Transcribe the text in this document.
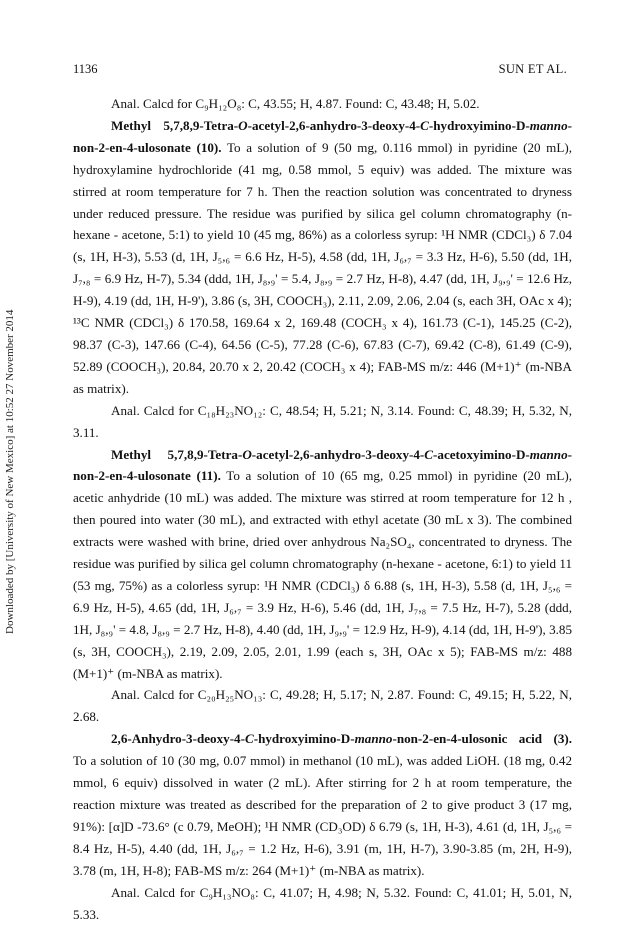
1136	SUN ET AL.
Downloaded by [University of New Mexico] at 10:52 27 November 2014

Anal. Calcd for C₉H₁₂O₈: C, 43.55; H, 4.87. Found: C, 43.48; H, 5.02.

Methyl 5,7,8,9-Tetra-O-acetyl-2,6-anhydro-3-deoxy-4-C-hydroxyimino-D-manno-non-2-en-4-ulosonate (10). To a solution of 9 (50 mg, 0.116 mmol) in pyridine (20 mL), hydroxylamine hydrochloride (41 mg, 0.58 mmol, 5 equiv) was added. The mixture was stirred at room temperature for 7 h. Then the reaction solution was concentrated to dryness under reduced pressure. The residue was purified by silica gel column chromatography (n-hexane - acetone, 5:1) to yield 10 (45 mg, 86%) as a colorless syrup: ¹H NMR (CDCl₃) δ 7.04 (s, 1H, H-3), 5.53 (d, 1H, J₅,₆ = 6.6 Hz, H-5), 4.58 (dd, 1H, J₆,₇ = 3.3 Hz, H-6), 5.50 (dd, 1H, J₇,₈ = 6.9 Hz, H-7), 5.34 (ddd, 1H, J₈,₉' = 5.4, J₈,₉ = 2.7 Hz, H-8), 4.47 (dd, 1H, J₉,₉' = 12.6 Hz, H-9), 4.19 (dd, 1H, H-9'), 3.86 (s, 3H, COOCH₃), 2.11, 2.09, 2.06, 2.04 (s, each 3H, OAc x 4); ¹³C NMR (CDCl₃) δ 170.58, 169.64 x 2, 169.48 (COCH₃ x 4), 161.73 (C-1), 145.25 (C-2), 98.37 (C-3), 147.66 (C-4), 64.56 (C-5), 77.28 (C-6), 67.83 (C-7), 69.42 (C-8), 61.49 (C-9), 52.89 (COOCH₃), 20.84, 20.70 x 2, 20.42 (COCH₃ x 4); FAB-MS m/z: 446 (M+1)⁺ (m-NBA as matrix).

Anal. Calcd for C₁₈H₂₃NO₁₂: C, 48.54; H, 5.21; N, 3.14. Found: C, 48.39; H, 5.32, N, 3.11.

Methyl 5,7,8,9-Tetra-O-acetyl-2,6-anhydro-3-deoxy-4-C-acetoxyimino-D-manno-non-2-en-4-ulosonate (11). To a solution of 10 (65 mg, 0.25 mmol) in pyridine (20 mL), acetic anhydride (10 mL) was added. The mixture was stirred at room temperature for 12 h , then poured into water (30 mL), and extracted with ethyl acetate (30 mL x 3). The combined extracts were washed with brine, dried over anhydrous Na₂SO₄, concentrated to dryness. The residue was purified by silica gel column chromatography (n-hexane - acetone, 6:1) to yield 11 (53 mg, 75%) as a colorless syrup: ¹H NMR (CDCl₃) δ 6.88 (s, 1H, H-3), 5.58 (d, 1H, J₅,₆ = 6.9 Hz, H-5), 4.65 (dd, 1H, J₆,₇ = 3.9 Hz, H-6), 5.46 (dd, 1H, J₇,₈ = 7.5 Hz, H-7), 5.28 (ddd, 1H, J₈,₉' = 4.8, J₈,₉ = 2.7 Hz, H-8), 4.40 (dd, 1H, J₉,₉' = 12.9 Hz, H-9), 4.14 (dd, 1H, H-9'), 3.85 (s, 3H, COOCH₃), 2.19, 2.09, 2.05, 2.01, 1.99 (each s, 3H, OAc x 5); FAB-MS m/z: 488 (M+1)⁺ (m-NBA as matrix).

Anal. Calcd for C₂₀H₂₅NO₁₃: C, 49.28; H, 5.17; N, 2.87. Found: C, 49.15; H, 5.22, N, 2.68.

2,6-Anhydro-3-deoxy-4-C-hydroxyimino-D-manno-non-2-en-4-ulosonic acid (3). To a solution of 10 (30 mg, 0.07 mmol) in methanol (10 mL), was added LiOH. (18 mg, 0.42 mmol, 6 equiv) dissolved in water (2 mL). After stirring for 2 h at room temperature, the reaction mixture was treated as described for the preparation of 2 to give product 3 (17 mg, 91%): [α]D -73.6° (c 0.79, MeOH); ¹H NMR (CD₃OD) δ 6.79 (s, 1H, H-3), 4.61 (d, 1H, J₅,₆ = 8.4 Hz, H-5), 4.40 (dd, 1H, J₆,₇ = 1.2 Hz, H-6), 3.91 (m, 1H, H-7), 3.90-3.85 (m, 2H, H-9), 3.78 (m, 1H, H-8); FAB-MS m/z: 264 (M+1)⁺ (m-NBA as matrix).

Anal. Calcd for C₉H₁₃NO₈: C, 41.07; H, 4.98; N, 5.32. Found: C, 41.01; H, 5.01, N, 5.33.
